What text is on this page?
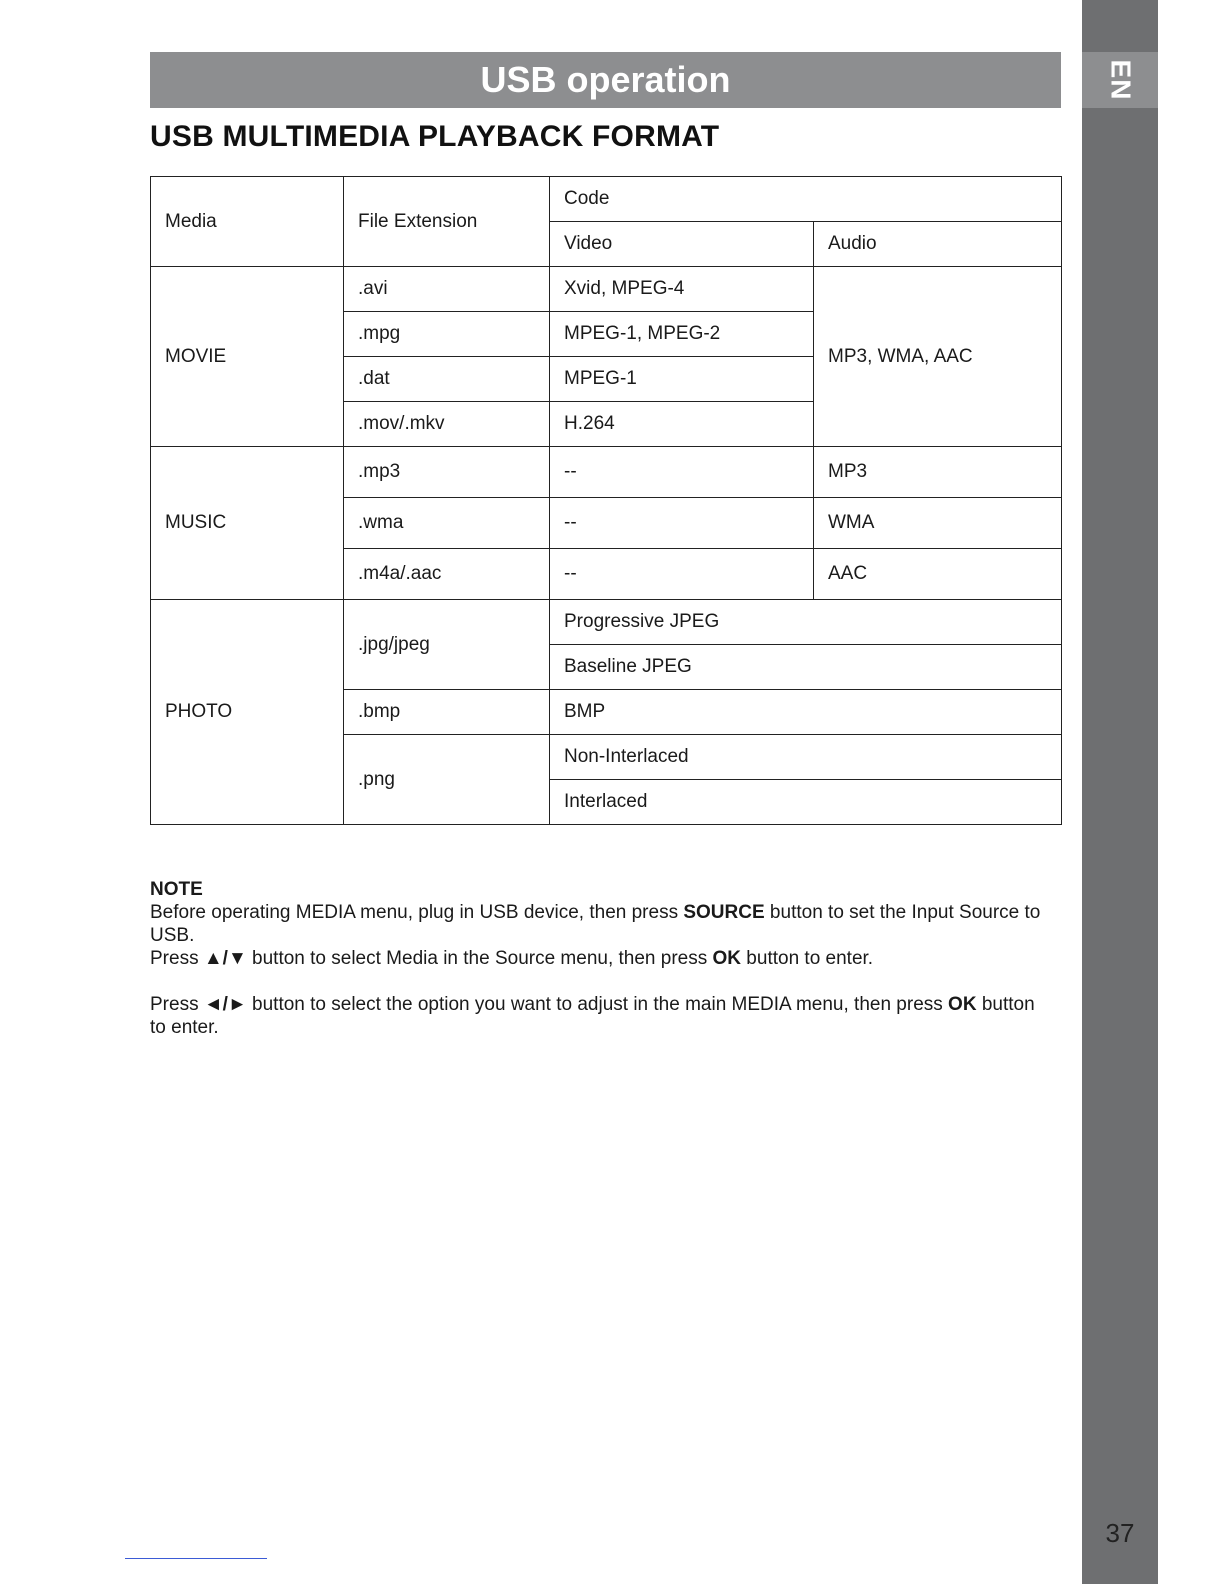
EN
37
USB operation
USB MULTIMEDIA PLAYBACK FORMAT
Media	File Extension	Code	
		Video	Audio
MOVIE	.avi	Xvid, MPEG-4	MP3, WMA, AAC
	.mpg	MPEG-1, MPEG-2	
	.dat	MPEG-1	
	.mov/.mkv	H.264	
MUSIC	.mp3	--	MP3
	.wma	--	WMA
	.m4a/.aac	--	AAC
PHOTO	.jpg/jpeg	Progressive JPEG	
		Baseline JPEG	
	.bmp	BMP	
	.png	Non-Interlaced	
		Interlaced	

NOTE

Before operating MEDIA menu, plug in USB device, then press SOURCE button to set the Input Source to USB.

Press ▲/▼ button to select Media in the Source menu, then press OK button to enter.

Press ◄/► button to select the option you want to adjust in the main MEDIA menu, then press OK button to enter.
